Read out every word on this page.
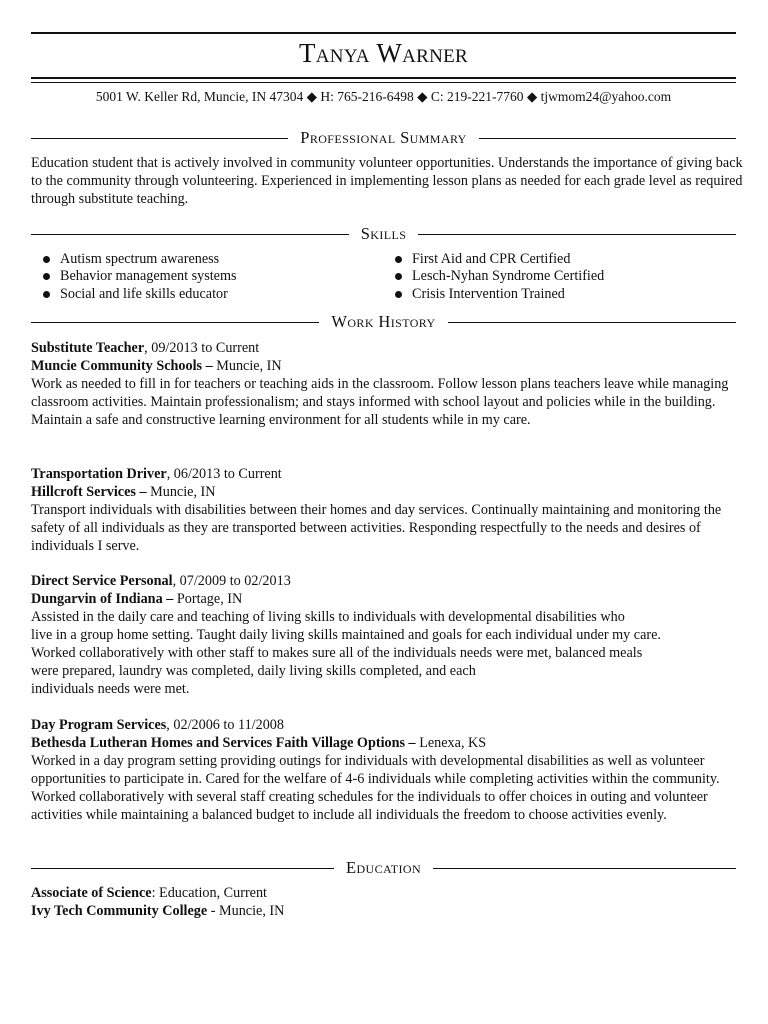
Tanya Warner
5001 W. Keller Rd, Muncie, IN 47304 ◆ H: 765-216-6498 ◆ C: 219-221-7760 ◆ tjwmom24@yahoo.com
Professional Summary
Education student that is actively involved in community volunteer opportunities. Understands the importance of giving back to the community through volunteering. Experienced in implementing lesson plans as needed for each grade level as required through substitute teaching.
Skills
Autism spectrum awareness
Behavior management systems
Social and life skills educator
First Aid and CPR Certified
Lesch-Nyhan Syndrome Certified
Crisis Intervention Trained
Work History
Substitute Teacher, 09/2013 to Current
Muncie Community Schools – Muncie, IN
Work as needed to fill in for teachers or teaching aids in the classroom. Follow lesson plans teachers leave while managing classroom activities. Maintain professionalism; and stays informed with school layout and policies while in the building. Maintain a safe and constructive learning environment for all students while in my care.
Transportation Driver, 06/2013 to Current
Hillcroft Services – Muncie, IN
Transport individuals with disabilities between their homes and day services. Continually maintaining and monitoring the safety of all individuals as they are transported between activities. Responding respectfully to the needs and desires of individuals I serve.
Direct Service Personal, 07/2009 to 02/2013
Dungarvin of Indiana – Portage, IN
Assisted in the daily care and teaching of living skills to individuals with developmental disabilities who
live in a group home setting. Taught daily living skills maintained and goals for each individual under my care.
Worked collaboratively with other staff to makes sure all of the individuals needs were met, balanced meals
were prepared, laundry was completed, daily living skills completed, and each
individuals needs were met.
Day Program Services, 02/2006 to 11/2008
Bethesda Lutheran Homes and Services Faith Village Options – Lenexa, KS
Worked in a day program setting providing outings for individuals with developmental disabilities as well as volunteer opportunities to participate in. Cared for the welfare of 4-6 individuals while completing activities within the community. Worked collaboratively with several staff creating schedules for the individuals to offer choices in outing and volunteer activities while maintaining a balanced budget to include all individuals the freedom to choose activities evenly.
Education
Associate of Science: Education, Current
Ivy Tech Community College - Muncie, IN
